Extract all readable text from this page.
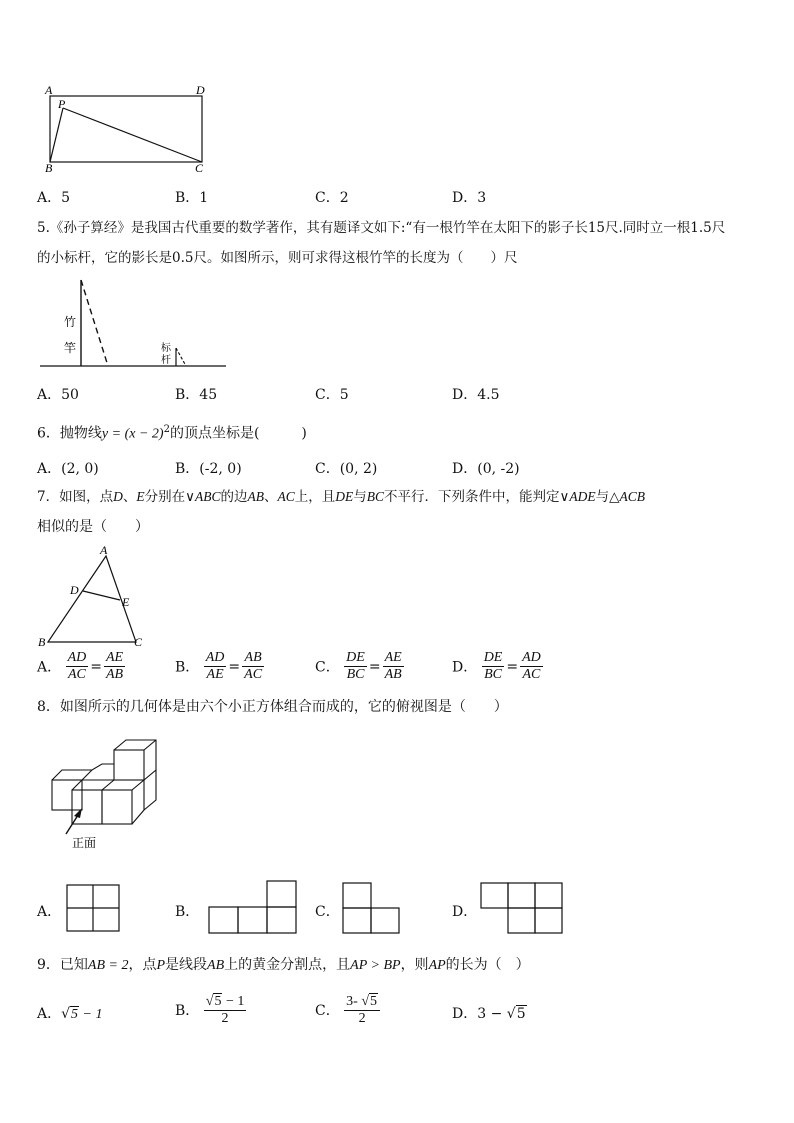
A	D
P
B	C
A．5	B．1	C．2	D．3
5.《孙子算经》是我国古代重要的数学著作，其有题译文如下:“有一根竹竿在太阳下的影子长15尺.同时立一根1.5尺
的小标杆，它的影长是0.5尺。如图所示，则可求得这根竹竿的长度为（　　）尺
竹
竿	标
杆
A．50	B．45	C．5	D．4.5
6．抛物线$y = (x - 2)^2$的顶点坐标是(　　　)
A．(2, 0)	B．(-2, 0)	C．(0, 2)	D．(0, -2)
7．如图，点D、E分别在∨ABC的边AB、AC上，且DE与BC不平行．下列条件中，能判定∨ADE与△ACB
相似的是（　　）
A
D
E
B	C
A． $\frac{AD}{AC} = \frac{AE}{AB}$	B． $\frac{AD}{AE} = \frac{AB}{AC}$	C． $\frac{DE}{BC} = \frac{AE}{AB}$	D． $\frac{DE}{BC} = \frac{AD}{AC}$
8．如图所示的几何体是由六个小正方体组合而成的，它的俯视图是（　　）
正面
A．	B．	C．	D．
9．已知AB = 2，点P是线段AB上的黄金分割点，且AP > BP，则AP的长为（　）
A．√5 − 1	B． $\frac{√5 - 1}{2}$	C． $\frac{3- √5}{2}$	D．3 − √5
